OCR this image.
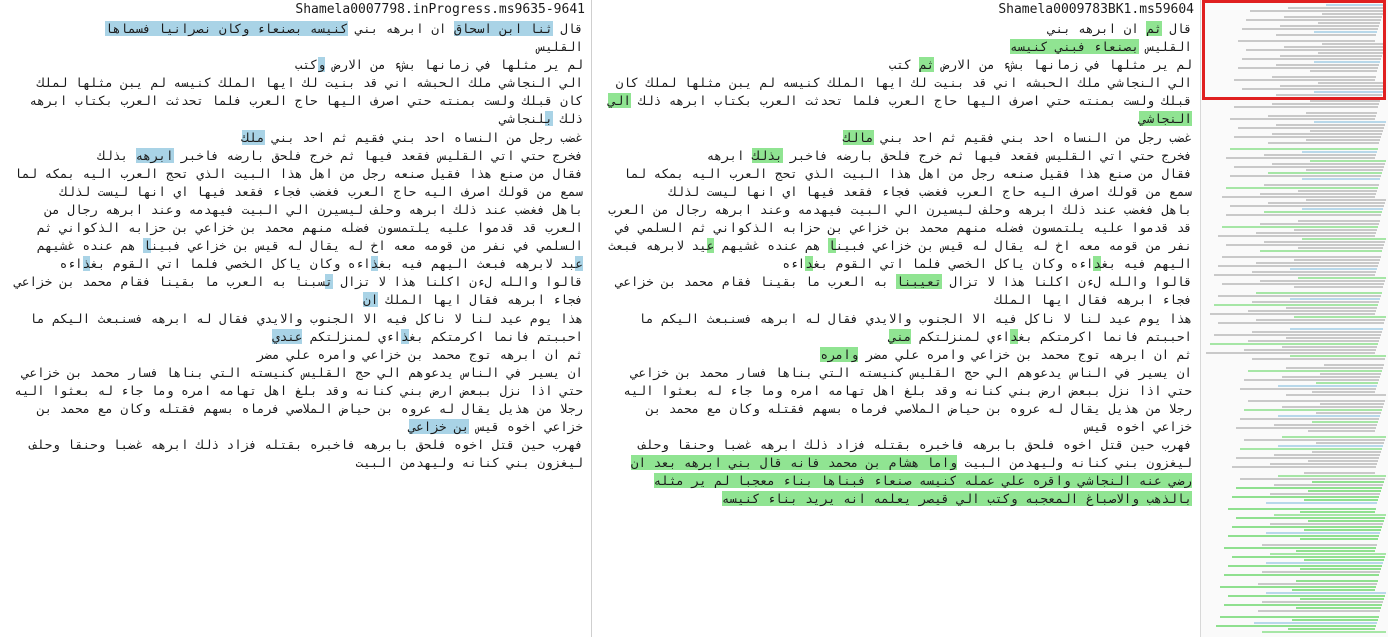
Shamela0007798.inProgress.ms9635-9641
قال ثنا ابن اسحاق ان ابرهه بني كنيسه بصنعاء وكان نصرانيا فسماها
القليس
لم ير مثلها في زمانها بشء من الارض وكتب
الي النجاشي ملك الحبشه اني قد بنيت لك ايها الملك كنيسه لم يبن مثلها لملك كان قبلك ولست بمنته حتي اصرف اليها حاج العرب فلما تحدثت العرب بكتاب ابرهه ذلك بلنجاشي
غضب رجل من النساه احد بني فقيم ثم احد بني ملك
فخرج حتي اتي القليس فقعد فيها ثم خرج فلحق بارضه فاخبر ابرهه بذلك
فقال من صنع هذا فقيل صنعه رجل من اهل هذا البيت الذي تحج العرب اليه بمكه لما سمع من قولك اصرف اليه حاج العرب فغضب فجاء فقعد فيها اي انها ليست لذلك
باهل فغضب عند ذلك ابرهه وحلف ليسيرن الي البيت فيهدمه وعند ابرهه رجال من العرب قد قدموا عليه يلتمسون فضله منهم محمد بن خزاعي بن حزابه الذكواني ثم السلمي في نفر من قومه معه اخ له يقال له قيس بن خزاعي فبينا هم عنده غشيهم عبد لابرهه فبعث اليهم فيه بغذاءه وكان ياكل الخصي فلما اتي القوم بغذاءه
قالوا والله لءن اكلنا هذا لا تزال تسبنا به العرب ما بقينا فقام محمد بن خزاعي فجاء ابرهه فقال ايها الملك ان
هذا يوم عيد لنا لا ناكل فيه الا الجنوب والايدي فقال له ابرهه فسنبعث اليكم ما احببتم فانما اكرمتكم بغذاءي لمنزلتكم عندي
ثم ان ابرهه توج محمد بن خزاعي وامره علي مضر
ان يسير في الناس يدعوهم الي حج القليس كنيسته التي بناها فسار محمد بن خزاعي حتي اذا نزل ببعض ارض بني كنانه وقد بلغ اهل تهامه امره وما جاء له بعثوا اليه رجلا من هذيل يقال له عروه بن حياض الملاصي فرماه بسهم فقتله وكان مع محمد بن خزاعي اخوه قيس بن خزاعي
فهرب حين قتل اخوه فلحق بابرهه فاخبره بقتله فزاد ذلك ابرهه غضبا وحنقا وحلف ليغزون بني كنانه وليهدمن البيت
Shamela0009783BK1.ms59604
قال ثم ان ابرهه بني
القليس بصنعاء فبني كنيسه
لم ير مثلها في زمانها بشء من الارض ثم كتب
الي النجاشي ملك الحبشه اني قد بنيت لك ايها الملك كنيسه لم يبن مثلها لملك كان قبلك ولست بمنته حتي اصرف اليها حاج العرب فلما تحدثت العرب بكتاب ابرهه ذلك الي النجاشي
غضب رجل من النساه احد بني فقيم ثم احد بني مالك
فخرج حتي اتي القليس فقعد فيها ثم خرج فلحق بارضه فاخبر بذلك ابرهه
فقال من صنع هذا فقيل صنعه رجل من اهل هذا البيت الذي تحج العرب اليه بمكه لما سمع من قولك اصرف اليه حاج العرب فغضب فجاء فقعد فيها اي انها ليست لذلك
باهل فغضب عند ذلك ابرهه وحلف ليسيرن الي البيت فيهدمه وعند ابرهه رجال من العرب قد قدموا عليه يلتمسون فضله منهم محمد بن خزاعي بن حزابه الذكواني ثم السلمي في نفر من قومه معه اخ له يقال له قيس بن خزاعي فبينا هم عنده غشيهم عيد لابرهه فبعث اليهم فيه بغداءه وكان ياكل الخصي فلما اتي القوم بغداءه
قالوا والله لءن اكلنا هذا لا تزال تعيبنا به العرب ما بقينا فقام محمد بن خزاعي فجاء ابرهه فقال ايها الملك
هذا يوم عيد لنا لا ناكل فيه الا الجنوب والايدي فقال له ابرهه فسنبعث اليكم ما احببتم فانما اكرمتكم بغداءي لمنزلتكم مني
ثم ان ابرهه توج محمد بن خزاعي وامره علي مضر وامره
ان يسير في الناس يدعوهم الي حج القليس كنيسته التي بناها فسار محمد بن خزاعي حتي اذا نزل ببعض ارض بني كنانه وقد بلغ اهل تهامه امره وما جاء له بعثوا اليه رجلا من هذيل يقال له عروه بن حياض الملاصي فرماه بسهم فقتله وكان مع محمد بن خزاعي اخوه قيس
فهرب حين قتل اخوه فلحق بابرهه فاخبره بقتله فزاد ذلك ابرهه غضبا وحنقا وحلف ليغزون بني كنانه وليهدمن البيت واما هشام بن محمد فانه قال بني ابرهه بعد ان رضي عنه النجاشي واقره علي عمله كنيسه صنعاء فبناها بناء معجبا لم ير مثله بالذهب والاصباغ المعجبه وكتب الي قيصر يعلمه انه يريد بناء كنيسه
